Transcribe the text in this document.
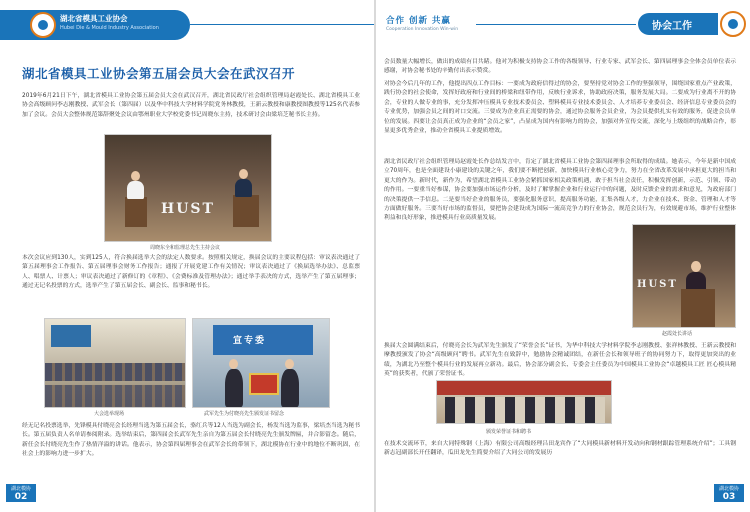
湖北省模具工业协会
Hubei Die & Mould Industry Association
湖北省模具工业协会第五届会员大会在武汉召开

2019年6月21日下午，湖北省模具工业协会第五届会员大会在武汉召开，湖北省民政厅社会组织管理局赵霞处长、湖北省模具工业协会高级顾问李志刚教授、武军会长（第四届）以及华中科技大学材料学院党务林教授，王新云教授和康教授图教授等125名代表参加了会议。会员大会整体规范第辞聚处会议由鄂州职业大学校党委书记周晓东主持，技术研讨会由梁培芝秘书长主持。

HUST
周晓东全和监理总先生主持会议

本次会议应到130人，实到125人，符合换届选举大会的法定人数要求。按照相关规定，换届会议的主要议程包括：审议表决通过了第五届理事会工作报告、第五届理事会财务工作报告；通报了开展党建工作有关情况；审议表决通过了《换届选举办法》、总监票人、唱票人、计票人；审议表决通过了新修订的《章程》、《会费标准及管理办法》；通过举手表决的方式，选举产生了第五届理事；通过无记名投票的方式，选举产生了第五届会长、副会长、监事和秘书长。

大会选举现场
宣专委
武军先生为付晓亮先生颁发证书留念

经无记名投票选举，先锋模具付晓亮会长经理当选为第五届会长，骆红兵等12人当选为副会长，杨发当选为监事，梁培杰当选为秘书长。第五届负责人名单请参阅附录。选举结束后，第四届会长武军先生亲自为第五届会长付晓亮先生颁发牌匾，并合影留念。随后，新任会长付晓亮先生作了热情洋溢的讲话。他表示，协会第四届理事会在武军会长的带领下，湖北模协在行业中的地位不断巩固，在社会上的影响力进一步扩大。

湖北模协
02
合作 创新 共赢
Cooperation Innovation Win-win	协会工作

会员数量大幅增长，做出的成绩有目共睹。他对为积极支持协会工作的各级领导、行业专家、武军会长、第四届理事会全体会员单位表示感谢，对协会秘书处的辛勤付出表示赞赏。

对协会今后几年的工作，他提出四点工作目标：一要成为政府信得过的协会，要坚持党对协会工作的坚强领导，围绕国家重点产业政策，践行协会的社会使命，发挥好政府和行业间的桥梁和纽带作用，反映行业诉求，协助政府决策，服务发展大局。二要成为行业离不开的协会，专业的人做专业的事，充分发挥冲压模具专业技术委员会、塑料模具专业技术委员会、人才培养专业委员会、经济信息专业委员会的专业优势，加强会员之间的对口交流。三要成为企业真正需要的协会，通过协会服务会员企业，为会员提供扎实有效的服务，促进会员单位的发展。四要让会员真正成为企业的“会员之家”，凸显成为国内有影响力的协会，加强对外宣传交流，深化与上级组织的战略合作，彰显更多优秀企业，推动全省模具工业提质增效。

湖北省民政厅社会组织管理局赵霞处长作总结发言中，肯定了湖北省模具工业协会第四届理事会所取得的成绩。她表示，今年是新中国成立70周年，也是全面建设小康建设的关键之年，我们要不断把创新，加快模具行业核心竞争力，努力在全省改革发展中承担更大的担当和更大的作为。新时代，新作为，希望湖北省模具工业协会紧抓国家相关政策机遇，敢于担当社会责任，积极发挥创新，示范、引领、带动的作用。一要重当好参谋，协会要加强市场运作分析，及时了解掌握企业和行业运行中的问题，及时反馈企业的需求和意见，为政府部门的决策提供一手信息。二是要当好企业的服务员，要强化服务意识，提高服务功能，汇集各级人才，力企业在技术、资金、管理和人才等方面做好服务。三要当好市场的监督员，要把协会建设成为国际一流高竞争力的行业协会，规范会员行为，有效规避市场，维护行业整体利益和良好形象，推进模具行业高质量发展。

HUST
赵霞处长讲话

换届大会圆满结束后，付晓亮会长为武军先生颁发了“荣誉会长”证书，为华中科技大学材料学院李志刚教授、张祥林教授、王新云教授和摩教授颁发了协会“高级顾问”聘书。武军先生在致辞中，勉励协会精诚团结，在新任会长和领导班子的协同努力下，取得更加突出的业绩，为湖北乃至整个模具行业的发展再立新功。最后，协会部分副会长、专委会主任委员为中国模具工业协会“卓越模具工匠 匠心模具精英”的获奖者，代颁了荣誉证书。

颁发荣誉证书和聘书

在技术交流环节，来自大同特殊钢（上海）有限公司高级经理吕田龙宾作了“大同模具新材料开发动向和钢材跟踪管理系统介绍”；工具钢新志冠副部长开任翻译，瓜田龙先生简要介绍了大同公司的发展历

湖北模协
03
